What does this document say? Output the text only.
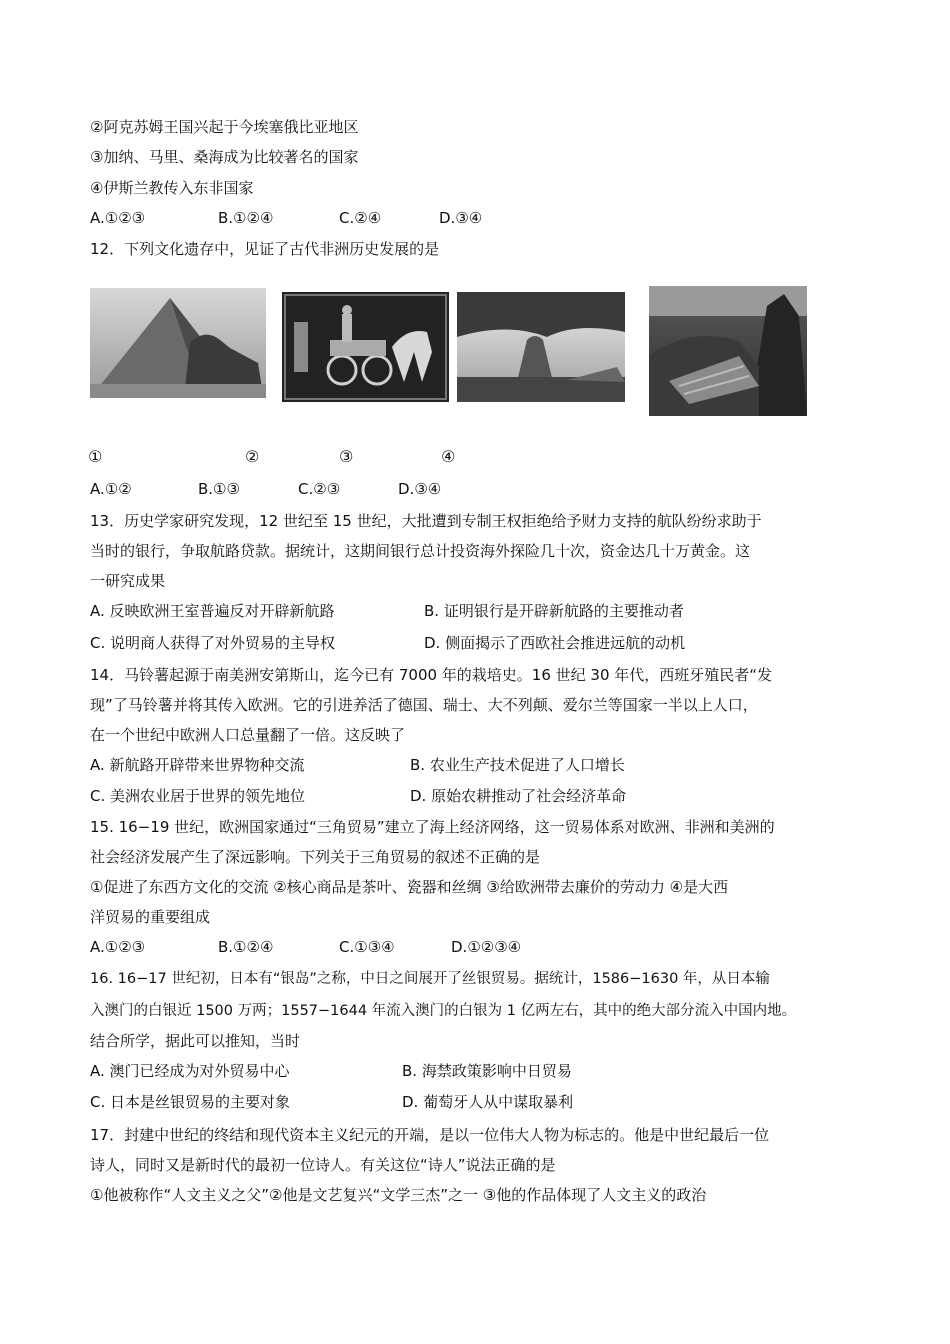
②阿克苏姆王国兴起于今埃塞俄比亚地区
③加纳、马里、桑海成为比较著名的国家
④伊斯兰教传入东非国家
A.①②③	B.①②④	C.②④	D.③④
12．下列文化遗存中，见证了古代非洲历史发展的是
①	②	③	④
A.①②	B.①③	C.②③	D.③④
13．历史学家研究发现，12 世纪至 15 世纪，大批遭到专制王权拒绝给予财力支持的航队纷纷求助于
当时的银行，争取航路贷款。据统计，这期间银行总计投资海外探险几十次，资金达几十万黄金。这
一研究成果
A. 反映欧洲王室普遍反对开辟新航路	B. 证明银行是开辟新航路的主要推动者
C. 说明商人获得了对外贸易的主导权	D. 侧面揭示了西欧社会推进远航的动机
14．马铃薯起源于南美洲安第斯山，迄今已有 7000 年的栽培史。16 世纪 30 年代，西班牙殖民者“发
现”了马铃薯并将其传入欧洲。它的引进养活了德国、瑞士、大不列颠、爱尔兰等国家一半以上人口，
在一个世纪中欧洲人口总量翻了一倍。这反映了
A. 新航路开辟带来世界物种交流	B. 农业生产技术促进了人口增长
C. 美洲农业居于世界的领先地位	D. 原始农耕推动了社会经济革命
15. 16−19 世纪，欧洲国家通过“三角贸易”建立了海上经济网络，这一贸易体系对欧洲、非洲和美洲的
社会经济发展产生了深远影响。下列关于三角贸易的叙述不正确的是
①促进了东西方文化的交流 ②核心商品是茶叶、瓷器和丝绸 ③给欧洲带去廉价的劳动力 ④是大西
洋贸易的重要组成
A.①②③	B.①②④	C.①③④	D.①②③④
16. 16−17 世纪初，日本有“银岛”之称，中日之间展开了丝银贸易。据统计，1586−1630 年，从日本输
入澳门的白银近 1500 万两；1557−1644 年流入澳门的白银为 1 亿两左右，其中的绝大部分流入中国内地。
结合所学，据此可以推知，当时
A. 澳门已经成为对外贸易中心	B. 海禁政策影响中日贸易
C. 日本是丝银贸易的主要对象	D. 葡萄牙人从中谋取暴利
17．封建中世纪的终结和现代资本主义纪元的开端，是以一位伟大人物为标志的。他是中世纪最后一位
诗人，同时又是新时代的最初一位诗人。有关这位“诗人”说法正确的是
①他被称作“人文主义之父”②他是文艺复兴“文学三杰”之一 ③他的作品体现了人文主义的政治
